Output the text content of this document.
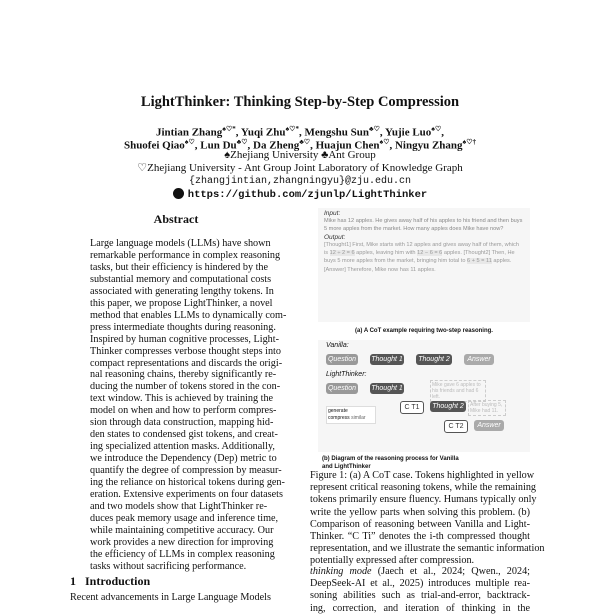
LightThinker: Thinking Step-by-Step Compression
Jintian Zhang♠♡*, Yuqi Zhu♠♡*, Mengshu Sun♣♡, Yujie Luo♠♡,
Shuofei Qiao♠♡, Lun Du♣♡, Da Zheng♣♡, Huajun Chen♠♡, Ningyu Zhang♠♡†
♠Zhejiang University ♣Ant Group
♡Zhejiang University - Ant Group Joint Laboratory of Knowledge Graph
{zhangjintian,zhangningyu}@zju.edu.cn
https://github.com/zjunlp/LightThinker
Abstract
Large language models (LLMs) have shown
remarkable performance in complex reasoning
tasks, but their efficiency is hindered by the
substantial memory and computational costs
associated with generating lengthy tokens. In
this paper, we propose LightThinker, a novel
method that enables LLMs to dynamically com-
press intermediate thoughts during reasoning.
Inspired by human cognitive processes, Light-
Thinker compresses verbose thought steps into
compact representations and discards the origi-
nal reasoning chains, thereby significantly re-
ducing the number of tokens stored in the con-
text window. This is achieved by training the
model on when and how to perform compres-
sion through data construction, mapping hid-
den states to condensed gist tokens, and creat-
ing specialized attention masks. Additionally,
we introduce the Dependency (Dep) metric to
quantify the degree of compression by measur-
ing the reliance on historical tokens during gen-
eration. Extensive experiments on four datasets
and two models show that LightThinker re-
duces peak memory usage and inference time,
while maintaining competitive accuracy. Our
work provides a new direction for improving
the efficiency of LLMs in complex reasoning
tasks without sacrificing performance.
1 Introduction
Recent advancements in Large Language Models
Input:
Mike has 12 apples. He gives away half of his apples to his friend and then buys 5 more apples from the market. How many apples does Mike have now?
Output:
[Thought1] First, Mike starts with 12 apples and gives away half of them, which is 12 ÷ 2 = 6 apples, leaving him with 12 − 6 = 6 apples. [Thought2] Then, He buys 5 more apples from the market, bringing him total to 6 + 5 = 11 apples. [Answer] Therefore, Mike now has 11 apples.
(a) A CoT example requiring two-step reasoning.
Vanilla:
Question Thought 1	Thought 2	Answer
LightThinker:
Question Thought 1	Mike gave 6 apples to his friends and had 6 left.
C T1	Thought 2	After buying 5, Mike had 11.
C T2	Answer
generate
compress similar
(b) Diagram of the reasoning process for Vanilla
and LightThinker
Figure 1: (a) A CoT case. Tokens highlighted in yellow
represent critical reasoning tokens, while the remaining
tokens primarily ensure fluency. Humans typically only
write the yellow parts when solving this problem. (b)
Comparison of reasoning between Vanilla and Light-
Thinker. “C Ti” denotes the i-th compressed thought
representation, and we illustrate the semantic information
potentially expressed after compression.
thinking mode (Jaech et al., 2024; Qwen., 2024;
DeepSeek-AI et al., 2025) introduces multiple rea-
soning abilities such as trial-and-error, backtrack-
ing, correction, and iteration of thinking in the
